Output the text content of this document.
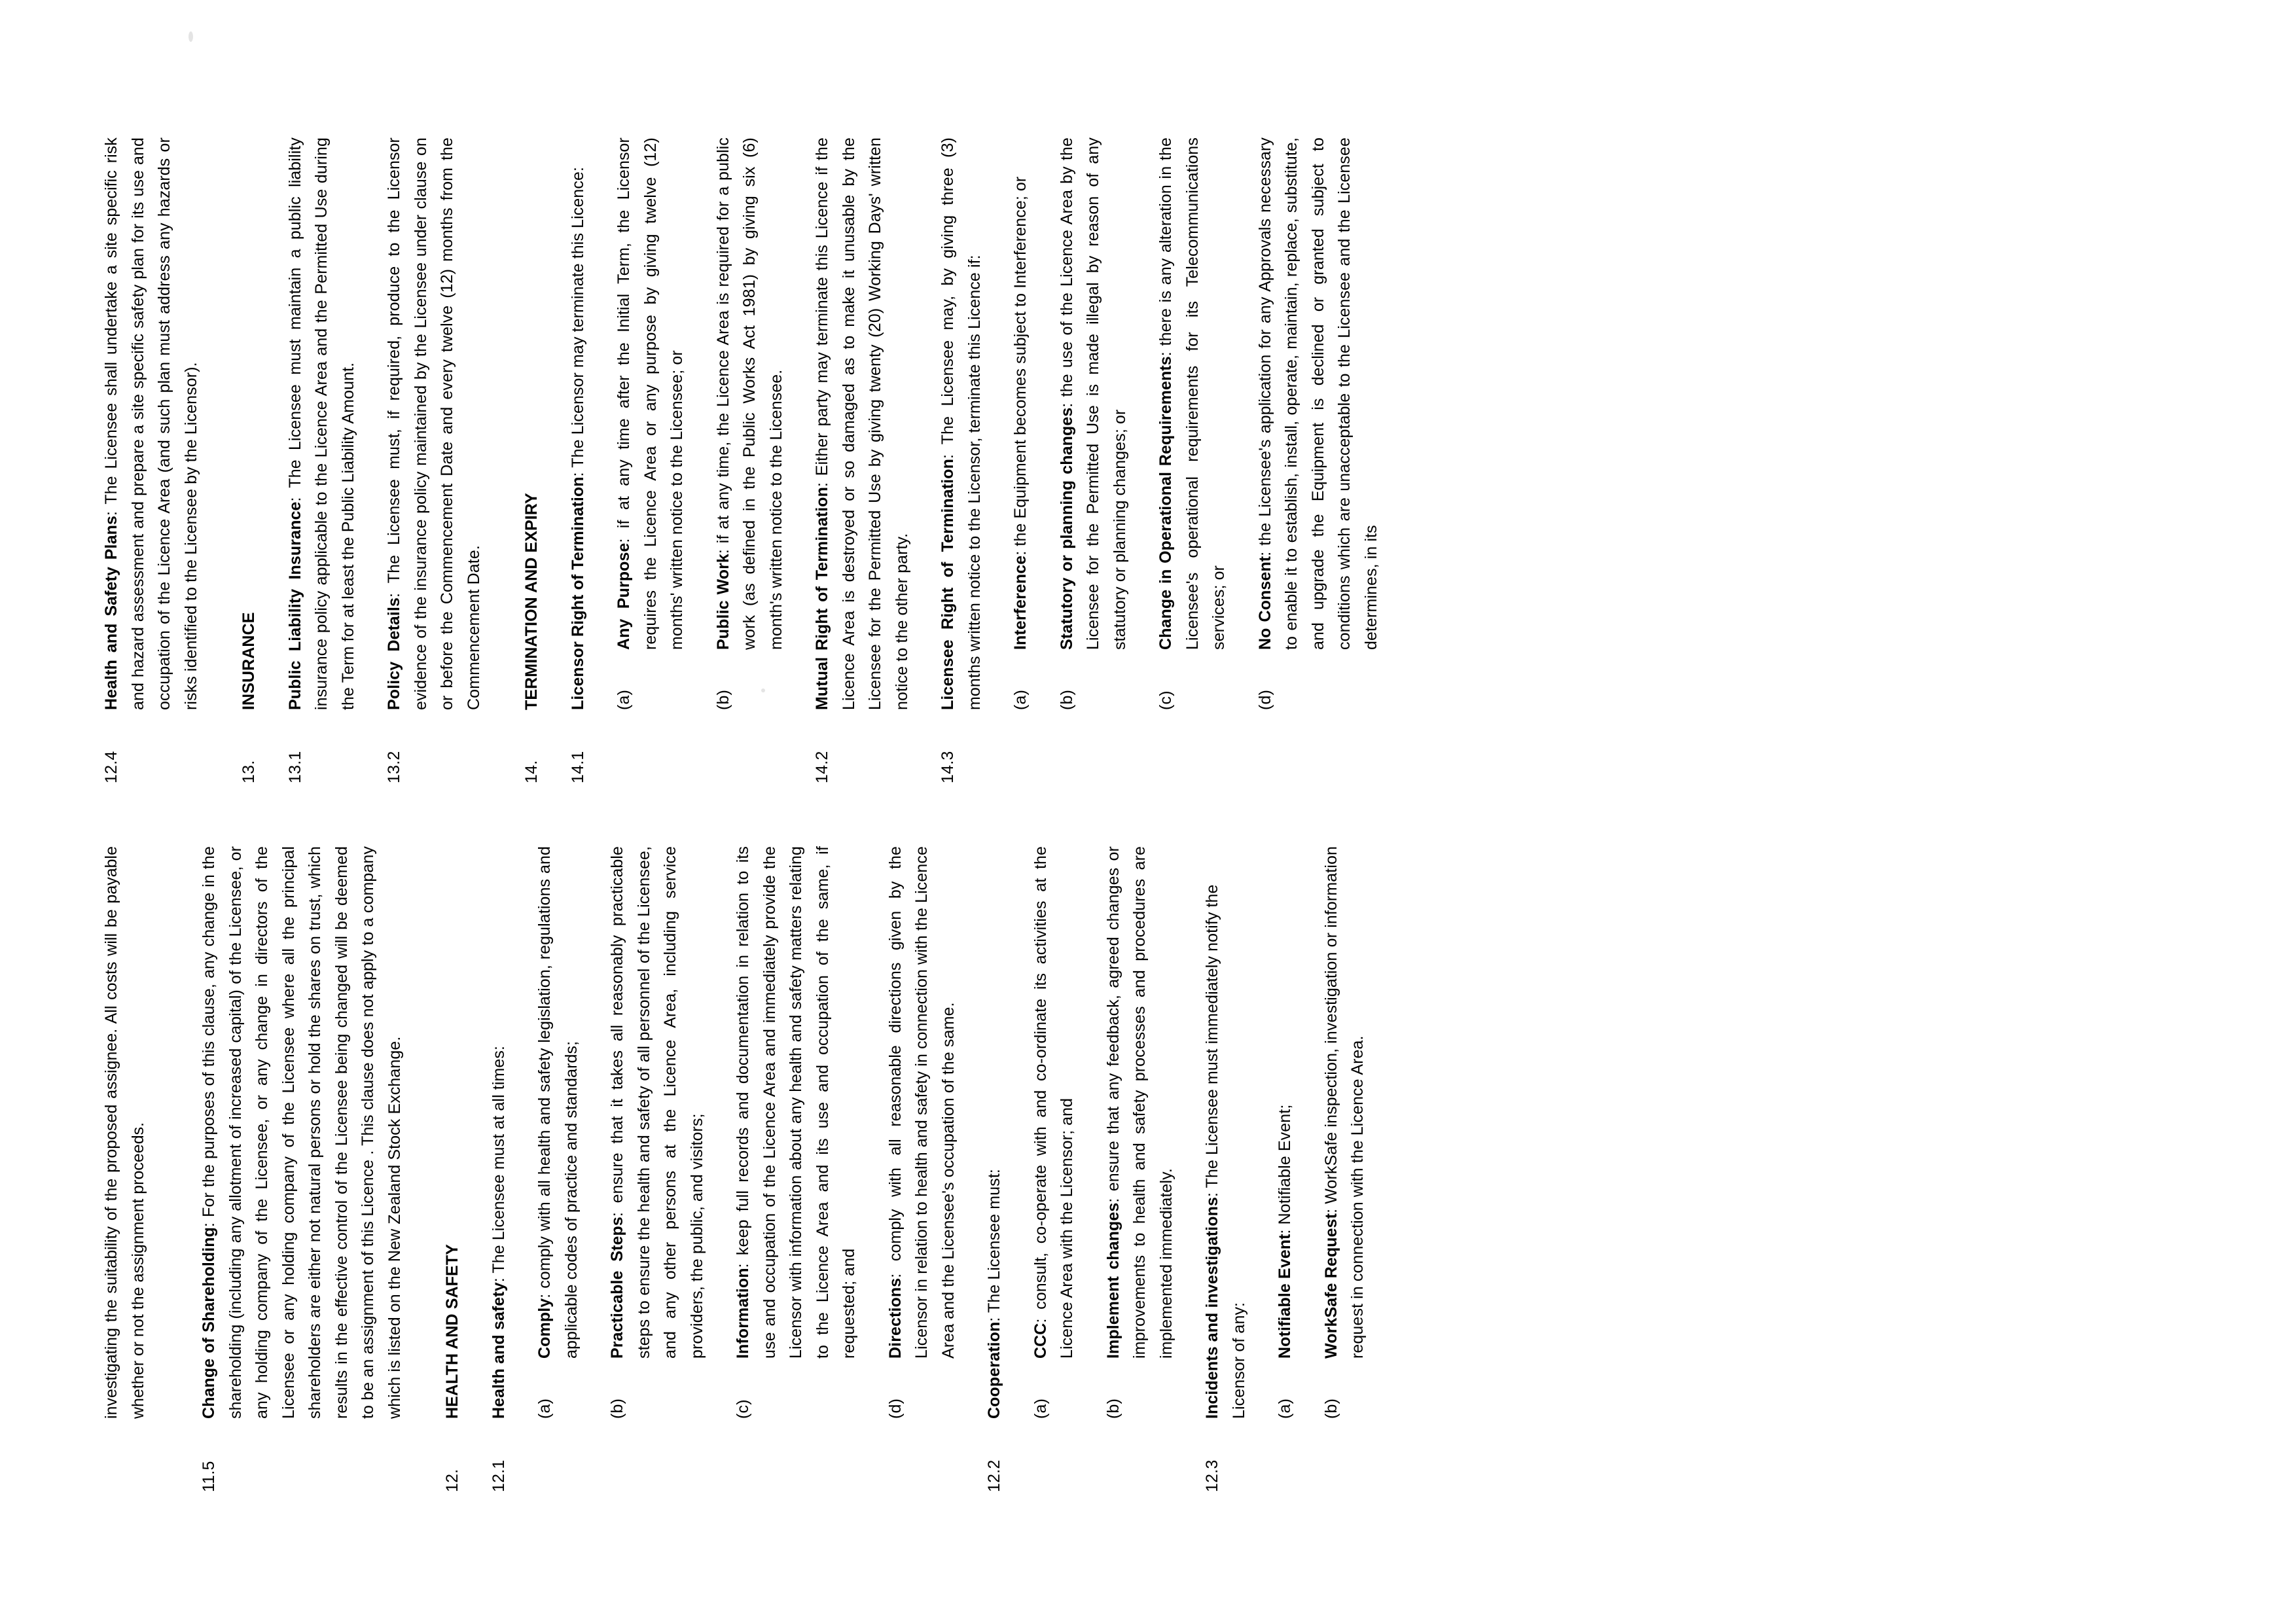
investigating the suitability of the proposed assignee. All costs will be payable whether or not the assignment proceeds.
11.5
Change of Shareholding: For the purposes of this clause, any change in the shareholding (including any allotment of increased capital) of the Licensee, or any holding company of the Licensee, or any change in directors of the Licensee or any holding company of the Licensee where all the principal shareholders are either not natural persons or hold the shares on trust, which results in the effective control of the Licensee being changed will be deemed to be an assignment of this Licence . This clause does not apply to a company which is listed on the New Zealand Stock Exchange.
12.
HEALTH AND SAFETY
12.1
Health and safety: The Licensee must at all times:
(a)
Comply: comply with all health and safety legislation, regulations and applicable codes of practice and standards;
(b)
Practicable Steps: ensure that it takes all reasonably practicable steps to ensure the health and safety of all personnel of the Licensee, and any other persons at the Licence Area, including service providers, the public, and visitors;
(c)
Information: keep full records and documentation in relation to its use and occupation of the Licence Area and immediately provide the Licensor with information about any health and safety matters relating to the Licence Area and its use and occupation of the same, if requested; and
(d)
Directions: comply with all reasonable directions given by the Licensor in relation to health and safety in connection with the Licence Area and the Licensee's occupation of the same.
12.2
Cooperation: The Licensee must:
(a)
CCC: consult, co-operate with and co-ordinate its activities at the Licence Area with the Licensor; and
(b)
Implement changes: ensure that any feedback, agreed changes or improvements to health and safety processes and procedures are implemented immediately.
12.3
Incidents and investigations: The Licensee must immediately notify the Licensor of any: (a)
Notifiable Event: Notifiable Event;
(b)
WorkSafe Request: WorkSafe inspection, investigation or information request in connection with the Licence Area.
12.4
Health and Safety Plans: The Licensee shall undertake a site specific risk and hazard assessment and prepare a site specific safety plan for its use and occupation of the Licence Area (and such plan must address any hazards or risks identified to the Licensee by the Licensor).
13.
INSURANCE
13.1
Public Liability Insurance: The Licensee must maintain a public liability insurance policy applicable to the Licence Area and the Permitted Use during the Term for at least the Public Liability Amount.
13.2
Policy Details: The Licensee must, if required, produce to the Licensor evidence of the insurance policy maintained by the Licensee under clause on or before the Commencement Date and every twelve (12) months from the Commencement Date.
14.
TERMINATION AND EXPIRY
14.1
Licensor Right of Termination: The Licensor may terminate this Licence:
(a)
Any Purpose: if at any time after the Initial Term, the Licensor requires the Licence Area or any purpose by giving twelve (12) months' written notice to the Licensee; or
(b)
Public Work: if at any time, the Licence Area is required for a public work (as defined in the Public Works Act 1981) by giving six (6) month's written notice to the Licensee.
14.2
Mutual Right of Termination: Either party may terminate this Licence if the Licence Area is destroyed or so damaged as to make it unusable by the Licensee for the Permitted Use by giving twenty (20) Working Days' written notice to the other party.
14.3
Licensee Right of Termination: The Licensee may, by giving three (3) months written notice to the Licensor, terminate this Licence if: (a)
Interference: the Equipment becomes subject to Interference; or
(b)
Statutory or planning changes: the use of the Licence Area by the Licensee for the Permitted Use is made illegal by reason of any statutory or planning changes; or
(c)
Change in Operational Requirements: there is any alteration in the Licensee's operational requirements for its Telecommunications services; or
(d)
No Consent: the Licensee's application for any Approvals necessary to enable it to establish, install, operate, maintain, replace, substitute, and upgrade the Equipment is declined or granted subject to conditions which are unacceptable to the Licensee and the Licensee determines, in its
